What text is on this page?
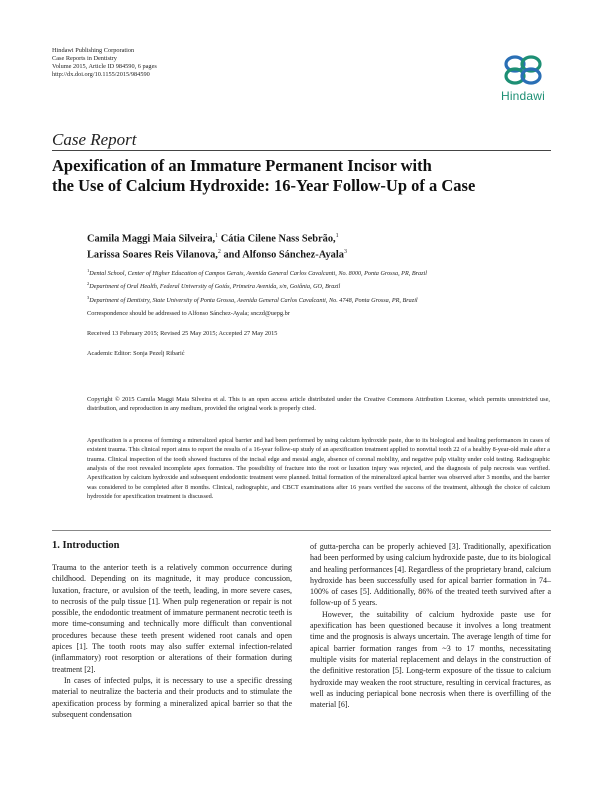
Hindawi Publishing Corporation
Case Reports in Dentistry
Volume 2015, Article ID 984590, 6 pages
http://dx.doi.org/10.1155/2015/984590
Hindawi
Case Report
Apexification of an Immature Permanent Incisor with
the Use of Calcium Hydroxide: 16-Year Follow-Up of a Case
Camila Maggi Maia Silveira,$^1$ Cátia Cilene Nass Sebrão,$^1$
Larissa Soares Reis Vilanova,$^2$ and Alfonso Sánchez-Ayala$^3$
$^1$Dental School, Center of Higher Education of Campos Gerais, Avenida General Carlos Cavalcanti, No. 8000, Ponta Grossa, PR, Brazil
$^2$Department of Oral Health, Federal University of Goiás, Primeira Avenida, s/n, Goiânia, GO, Brazil
$^3$Department of Dentistry, State University of Ponta Grossa, Avenida General Carlos Cavalcanti, No. 4748, Ponta Grossa, PR, Brazil
Correspondence should be addressed to Alfonso Sánchez-Ayala; snczd@uepg.br
Received 13 February 2015; Revised 25 May 2015; Accepted 27 May 2015
Academic Editor: Sonja Pezelj Ribarić
Copyright © 2015 Camila Maggi Maia Silveira et al. This is an open access article distributed under the Creative Commons Attribution License, which permits unrestricted use, distribution, and reproduction in any medium, provided the original work is properly cited.
Apexification is a process of forming a mineralized apical barrier and had been performed by using calcium hydroxide paste, due to its biological and healing performances in cases of existent trauma. This clinical report aims to report the results of a 16-year follow-up study of an apexification treatment applied to nonvital tooth 22 of a healthy 8-year-old male after a trauma. Clinical inspection of the tooth showed fractures of the incisal edge and mesial angle, absence of coronal mobility, and negative pulp vitality under cold testing. Radiographic analysis of the root revealed incomplete apex formation. The possibility of fracture into the root or luxation injury was rejected, and the diagnosis of pulp necrosis was verified. Apexification by calcium hydroxide and subsequent endodontic treatment were planned. Initial formation of the mineralized apical barrier was observed after 3 months, and the barrier was considered to be completed after 8 months. Clinical, radiographic, and CBCT examinations after 16 years verified the success of the treatment, although the choice of calcium hydroxide for apexification treatment is discussed.
1. Introduction

Trauma to the anterior teeth is a relatively common occurrence during childhood. Depending on its magnitude, it may produce concussion, luxation, fracture, or avulsion of the teeth, leading, in more severe cases, to necrosis of the pulp tissue [1]. When pulp regeneration or repair is not possible, the endodontic treatment of immature permanent necrotic teeth is more time-consuming and technically more difficult than conventional procedures because these teeth present widened root canals and open apices [1]. The tooth roots may also suffer external infection-related (inflammatory) root resorption or alterations of their formation during treatment [2].

In cases of infected pulps, it is necessary to use a specific dressing material to neutralize the bacteria and their products and to stimulate the apexification process by forming a mineralized apical barrier so that the subsequent condensation

of gutta-percha can be properly achieved [3]. Traditionally, apexification had been performed by using calcium hydroxide paste, due to its biological and healing performances [4]. Regardless of the proprietary brand, calcium hydroxide has been successfully used for apical barrier formation in 74–100% of cases [5]. Additionally, 86% of the treated teeth survived after a follow-up of 5 years.

However, the suitability of calcium hydroxide paste use for apexification has been questioned because it involves a long treatment time and the prognosis is always uncertain. The average length of time for apical barrier formation ranges from ~3 to 17 months, necessitating multiple visits for material replacement and delays in the construction of the definitive restoration [5]. Long-term exposure of the tissue to calcium hydroxide may weaken the root structure, resulting in cervical fractures, as well as inducing periapical bone necrosis when there is overfilling of the material [6].
